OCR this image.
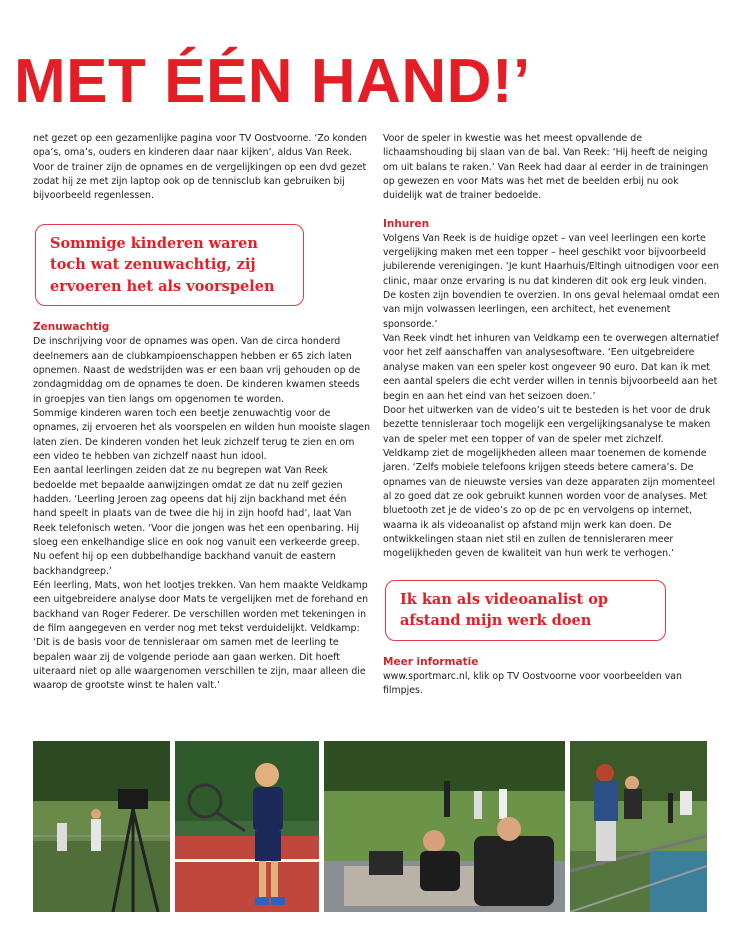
MET ÉÉN HAND!’

net gezet op een gezamenlijke pagina voor TV Oostvoorne. ‘Zo konden opa’s, oma’s, ouders en kinderen daar naar kijken’, aldus Van Reek. Voor de trainer zijn de opnames en de vergelijkingen op een dvd gezet zodat hij ze met zijn laptop ook op de tennisclub kan gebruiken bij bijvoorbeeld regenlessen.

Sommige kinderen waren toch wat zenuwachtig, zij ervoeren het als voorspelen

Zenuwachtig

De inschrijving voor de opnames was open. Van de circa honderd deelnemers aan de clubkampioenschappen hebben er 65 zich laten opnemen. Naast de wedstrijden was er een baan vrij gehouden op de zondagmiddag om de opnames te doen. De kinderen kwamen steeds in groepjes van tien langs om opgenomen te worden.

Sommige kinderen waren toch een beetje zenuwachtig voor de opnames, zij ervoeren het als voorspelen en wilden hun mooiste slagen laten zien. De kinderen vonden het leuk zichzelf terug te zien en om een video te hebben van zichzelf naast hun idool.

Een aantal leerlingen zeiden dat ze nu begrepen wat Van Reek bedoelde met bepaalde aanwijzingen omdat ze dat nu zelf gezien hadden. ‘Leerling Jeroen zag opeens dat hij zijn backhand met één hand speelt in plaats van de twee die hij in zijn hoofd had’, laat Van Reek telefonisch weten. ‘Voor die jongen was het een openbaring. Hij sloeg een enkelhandige slice en ook nog vanuit een verkeerde greep. Nu oefent hij op een dubbelhandige backhand vanuit de eastern backhandgreep.’

Eén leerling, Mats, won het lootjes trekken. Van hem maakte Veldkamp een uitgebreidere analyse door Mats te vergelijken met de forehand en backhand van Roger Federer. De verschillen worden met tekeningen in de film aangegeven en verder nog met tekst verduidelijkt. Veldkamp: ‘Dit is de basis voor de tennisleraar om samen met de leerling te bepalen waar zij de volgende periode aan gaan werken. Dit hoeft uiteraard niet op alle waargenomen verschillen te zijn, maar alleen die waarop de grootste winst te halen valt.’

Voor de speler in kwestie was het meest opvallende de lichaamshouding bij slaan van de bal. Van Reek: ‘Hij heeft de neiging om uit balans te raken.’ Van Reek had daar al eerder in de trainingen op gewezen en voor Mats was het met de beelden erbij nu ook duidelijk wat de trainer bedoelde.

Inhuren

Volgens Van Reek is de huidige opzet – van veel leerlingen een korte vergelijking maken met een topper – heel geschikt voor bijvoorbeeld jubilerende verenigingen. ‘Je kunt Haarhuis/Eltingh uitnodigen voor een clinic, maar onze ervaring is nu dat kinderen dit ook erg leuk vinden. De kosten zijn bovendien te overzien. In ons geval helemaal omdat een van mijn volwassen leerlingen, een architect, het evenement sponsorde.’

Van Reek vindt het inhuren van Veldkamp een te overwegen alternatief voor het zelf aanschaffen van analysesoftware. ‘Een uitgebreidere analyse maken van een speler kost ongeveer 90 euro. Dat kan ik met een aantal spelers die echt verder willen in tennis bijvoorbeeld aan het begin en aan het eind van het seizoen doen.’

Door het uitwerken van de video’s uit te besteden is het voor de druk bezette tennisleraar toch mogelijk een vergelijkingsanalyse te maken van de speler met een topper of van de speler met zichzelf.

Veldkamp ziet de mogelijkheden alleen maar toenemen de komende jaren. ‘Zelfs mobiele telefoons krijgen steeds betere camera’s. De opnames van de nieuwste versies van deze apparaten zijn momenteel al zo goed dat ze ook gebruikt kunnen worden voor de analyses. Met bluetooth zet je de video’s zo op de pc en vervolgens op internet, waarna ik als videoanalist op afstand mijn werk kan doen. De ontwikkelingen staan niet stil en zullen de tennisleraren meer mogelijkheden geven de kwaliteit van hun werk te verhogen.’

Ik kan als videoanalist op afstand mijn werk doen

Meer informatie

www.sportmarc.nl, klik op TV Oostvoorne voor voorbeelden van filmpjes.
